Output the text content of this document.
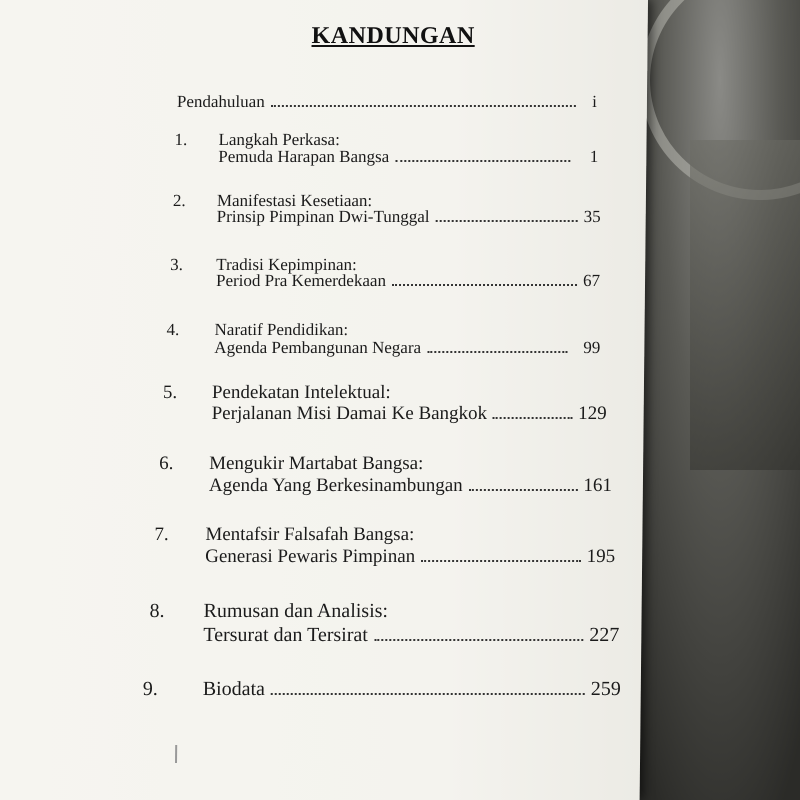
KANDUNGAN
Pendahuluan	i
1. Langkah Perkasa:
Pemuda Harapan Bangsa	1
2. Manifestasi Kesetiaan:
Prinsip Pimpinan Dwi-Tunggal	35
3. Tradisi Kepimpinan:
Period Pra Kemerdekaan	67
4. Naratif Pendidikan:
Agenda Pembangunan Negara	99
5. Pendekatan Intelektual:
Perjalanan Misi Damai Ke Bangkok	129
6. Mengukir Martabat Bangsa:
Agenda Yang Berkesinambungan	161
7. Mentafsir Falsafah Bangsa:
Generasi Pewaris Pimpinan	195
8. Rumusan dan Analisis:
Tersurat dan Tersirat	227
9. Biodata	259
